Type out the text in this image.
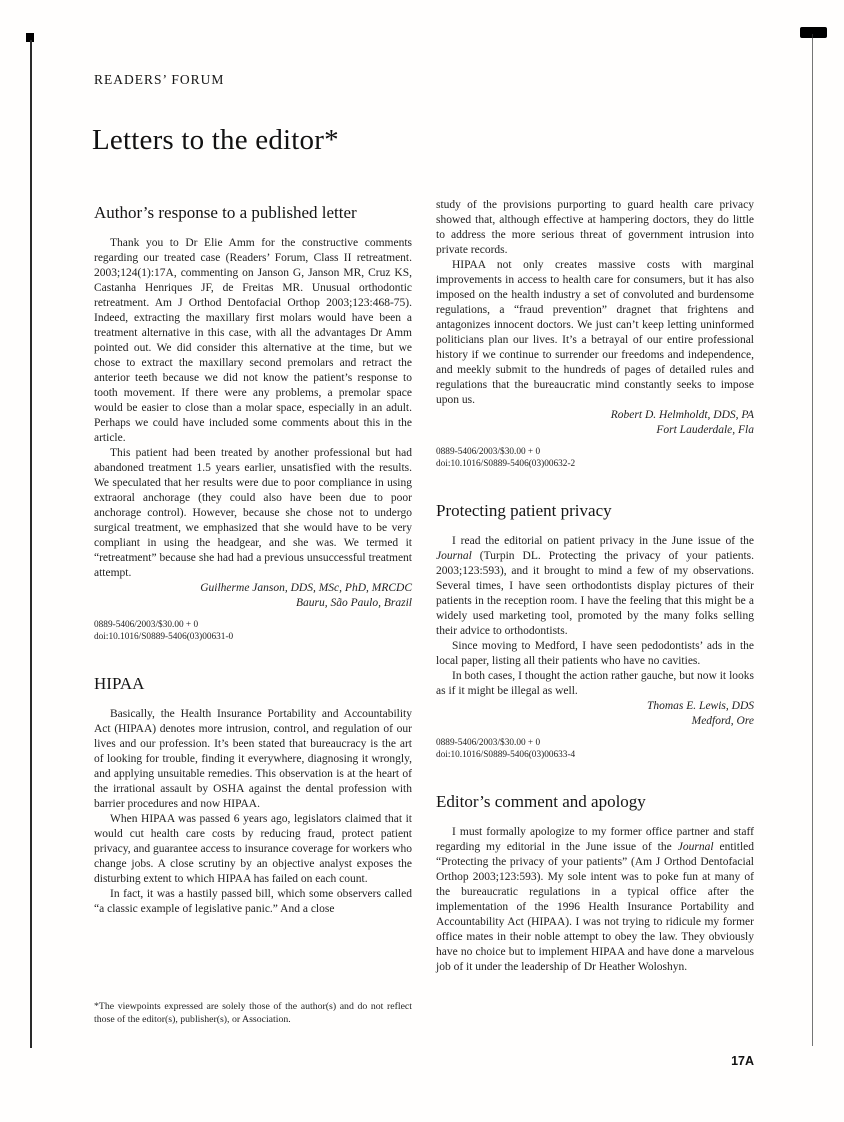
READERS’ FORUM
Letters to the editor*
Author’s response to a published letter

Thank you to Dr Elie Amm for the constructive comments regarding our treated case (Readers’ Forum, Class II retreatment. 2003;124(1):17A, commenting on Janson G, Janson MR, Cruz KS, Castanha Henriques JF, de Freitas MR. Unusual orthodontic retreatment. Am J Orthod Dentofacial Orthop 2003;123:468-75). Indeed, extracting the maxillary first molars would have been a treatment alternative in this case, with all the advantages Dr Amm pointed out. We did consider this alternative at the time, but we chose to extract the maxillary second premolars and retract the anterior teeth because we did not know the patient’s response to tooth movement. If there were any problems, a premolar space would be easier to close than a molar space, especially in an adult. Perhaps we could have included some comments about this in the article.

This patient had been treated by another professional but had abandoned treatment 1.5 years earlier, unsatisfied with the results. We speculated that her results were due to poor compliance in using extraoral anchorage (they could also have been due to poor anchorage control). However, because she chose not to undergo surgical treatment, we emphasized that she would have to be very compliant in using the headgear, and she was. We termed it “retreatment” because she had had a previous unsuccessful treatment attempt.

Guilherme Janson, DDS, MSc, PhD, MRCDC
Bauru, São Paulo, Brazil
0889-5406/2003/$30.00 + 0
doi:10.1016/S0889-5406(03)00631-0
HIPAA

Basically, the Health Insurance Portability and Accountability Act (HIPAA) denotes more intrusion, control, and regulation of our lives and our profession. It’s been stated that bureaucracy is the art of looking for trouble, finding it everywhere, diagnosing it wrongly, and applying unsuitable remedies. This observation is at the heart of the irrational assault by OSHA against the dental profession with barrier procedures and now HIPAA.

When HIPAA was passed 6 years ago, legislators claimed that it would cut health care costs by reducing fraud, protect patient privacy, and guarantee access to insurance coverage for workers who change jobs. A close scrutiny by an objective analyst exposes the disturbing extent to which HIPAA has failed on each count.

In fact, it was a hastily passed bill, which some observers called “a classic example of legislative panic.” And a close

study of the provisions purporting to guard health care privacy showed that, although effective at hampering doctors, they do little to address the more serious threat of government intrusion into private records.

HIPAA not only creates massive costs with marginal improvements in access to health care for consumers, but it has also imposed on the health industry a set of convoluted and burdensome regulations, a “fraud prevention” dragnet that frightens and antagonizes innocent doctors. We just can’t keep letting uninformed politicians plan our lives. It’s a betrayal of our entire professional history if we continue to surrender our freedoms and independence, and meekly submit to the hundreds of pages of detailed rules and regulations that the bureaucratic mind constantly seeks to impose upon us.

Robert D. Helmholdt, DDS, PA
Fort Lauderdale, Fla
0889-5406/2003/$30.00 + 0
doi:10.1016/S0889-5406(03)00632-2
Protecting patient privacy

I read the editorial on patient privacy in the June issue of the Journal (Turpin DL. Protecting the privacy of your patients. 2003;123:593), and it brought to mind a few of my observations. Several times, I have seen orthodontists display pictures of their patients in the reception room. I have the feeling that this might be a widely used marketing tool, promoted by the many folks selling their advice to orthodontists.

Since moving to Medford, I have seen pedodontists’ ads in the local paper, listing all their patients who have no cavities.

In both cases, I thought the action rather gauche, but now it looks as if it might be illegal as well.

Thomas E. Lewis, DDS
Medford, Ore
0889-5406/2003/$30.00 + 0
doi:10.1016/S0889-5406(03)00633-4
Editor’s comment and apology

I must formally apologize to my former office partner and staff regarding my editorial in the June issue of the Journal entitled “Protecting the privacy of your patients” (Am J Orthod Dentofacial Orthop 2003;123:593). My sole intent was to poke fun at many of the bureaucratic regulations in a typical office after the implementation of the 1996 Health Insurance Portability and Accountability Act (HIPAA). I was not trying to ridicule my former office mates in their noble attempt to obey the law. They obviously have no choice but to implement HIPAA and have done a marvelous job of it under the leadership of Dr Heather Woloshyn.

*The viewpoints expressed are solely those of the author(s) and do not reflect those of the editor(s), publisher(s), or Association.
17A
